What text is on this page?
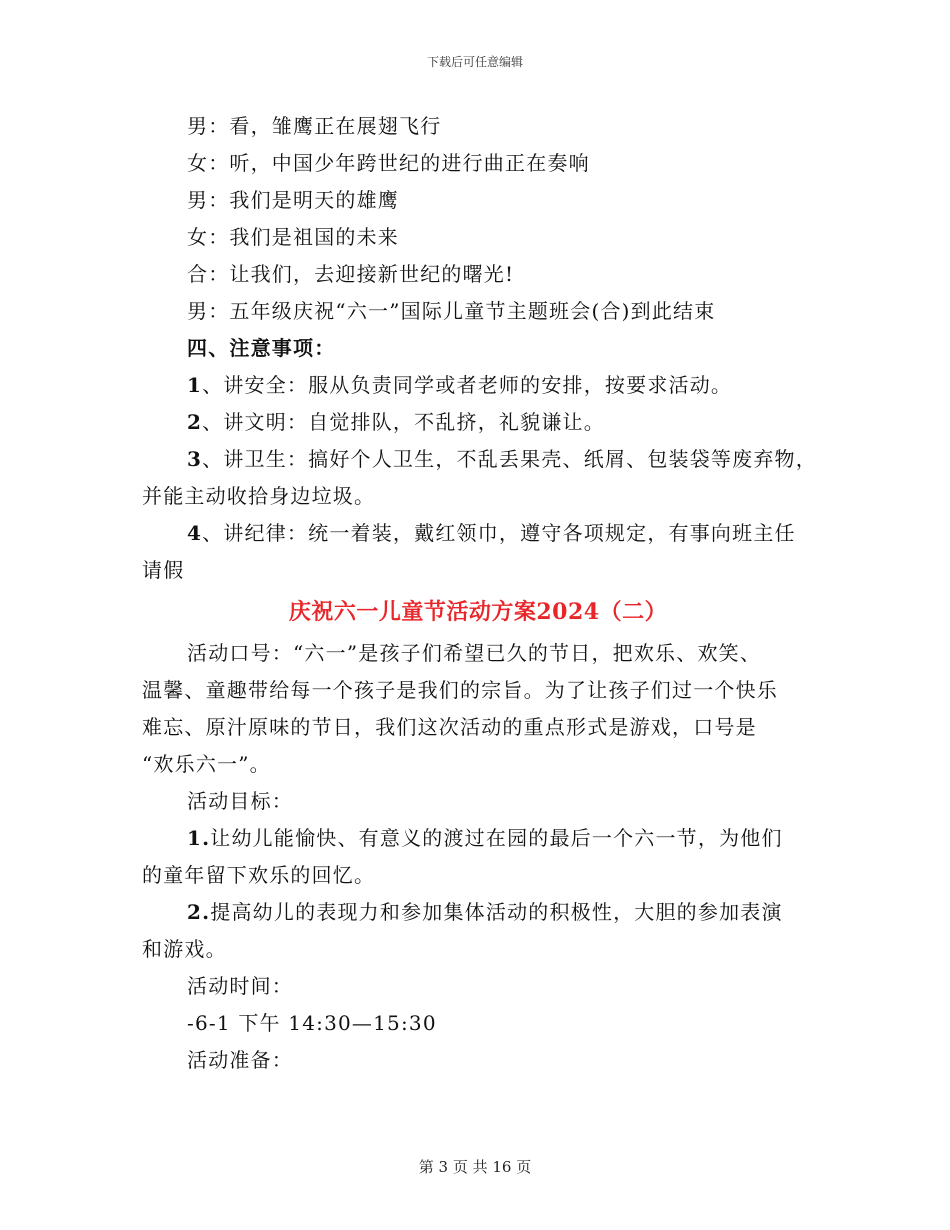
下载后可任意编辑
男：看，雏鹰正在展翅飞行
女：听，中国少年跨世纪的进行曲正在奏响
男：我们是明天的雄鹰
女：我们是祖国的未来
合：让我们，去迎接新世纪的曙光!
男：五年级庆祝“六一”国际儿童节主题班会(合)到此结束
四、注意事项：
1、讲安全：服从负责同学或者老师的安排，按要求活动。
2、讲文明：自觉排队，不乱挤，礼貌谦让。
3、讲卫生：搞好个人卫生，不乱丢果壳、纸屑、包装袋等废弃物，
并能主动收拾身边垃圾。
4、讲纪律：统一着装，戴红领巾，遵守各项规定，有事向班主任
请假
庆祝六一儿童节活动方案2024（二）
活动口号：“六一”是孩子们希望已久的节日，把欢乐、欢笑、
温馨、童趣带给每一个孩子是我们的宗旨。为了让孩子们过一个快乐
难忘、原汁原味的节日，我们这次活动的重点形式是游戏，口号是
“欢乐六一”。
活动目标：
1.让幼儿能愉快、有意义的渡过在园的最后一个六一节，为他们
的童年留下欢乐的回忆。
2.提高幼儿的表现力和参加集体活动的积极性，大胆的参加表演
和游戏。
活动时间：
-6-1 下午 14:30—15:30
活动准备：
第 3 页 共 16 页
